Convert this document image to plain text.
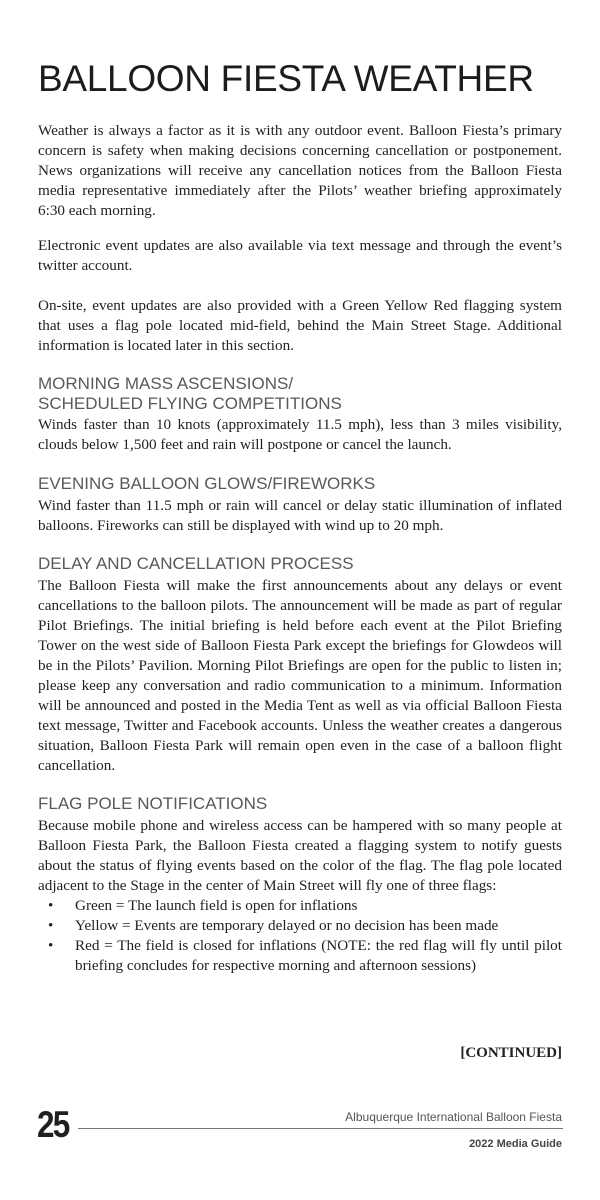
BALLOON FIESTA WEATHER
Weather is always a factor as it is with any outdoor event. Balloon Fiesta’s primary concern is safety when making decisions concerning cancellation or postponement. News organizations will receive any cancellation notices from the Balloon Fiesta media representative immediately after the Pilots’ weather briefing approximately 6:30 each morning.
Electronic event updates are also available via text message and through the event’s twitter account.
On-site, event updates are also provided with a Green Yellow Red flagging system that uses a flag pole located mid-field, behind the Main Street Stage. Additional information is located later in this section.
MORNING MASS ASCENSIONS/
SCHEDULED FLYING COMPETITIONS
Winds faster than 10 knots (approximately 11.5 mph), less than 3 miles visibility, clouds below 1,500 feet and rain will postpone or cancel the launch.
EVENING BALLOON GLOWS/FIREWORKS
Wind faster than 11.5 mph or rain will cancel or delay static illumination of inflated balloons. Fireworks can still be displayed with wind up to 20 mph.
DELAY AND CANCELLATION PROCESS
The Balloon Fiesta will make the first announcements about any delays or event cancellations to the balloon pilots. The announcement will be made as part of regular Pilot Briefings. The initial briefing is held before each event at the Pilot Briefing Tower on the west side of Balloon Fiesta Park except the briefings for Glowdeos will be in the Pilots’ Pavilion. Morning Pilot Briefings are open for the public to listen in; please keep any conversation and radio communication to a minimum. Information will be announced and posted in the Media Tent as well as via official Balloon Fiesta text message, Twitter and Facebook accounts. Unless the weather creates a dangerous situation, Balloon Fiesta Park will remain open even in the case of a balloon flight cancellation.
FLAG POLE NOTIFICATIONS
Because mobile phone and wireless access can be hampered with so many people at Balloon Fiesta Park, the Balloon Fiesta created a flagging system to notify guests about the status of flying events based on the color of the flag. The flag pole located adjacent to the Stage in the center of Main Street will fly one of three flags:
• Green = The launch field is open for inflations
• Yellow = Events are temporary delayed or no decision has been made
• Red = The field is closed for inflations (NOTE: the red flag will fly until pilot briefing concludes for respective morning and afternoon sessions)
[CONTINUED]
25	Albuquerque International Balloon Fiesta
2022 Media Guide
